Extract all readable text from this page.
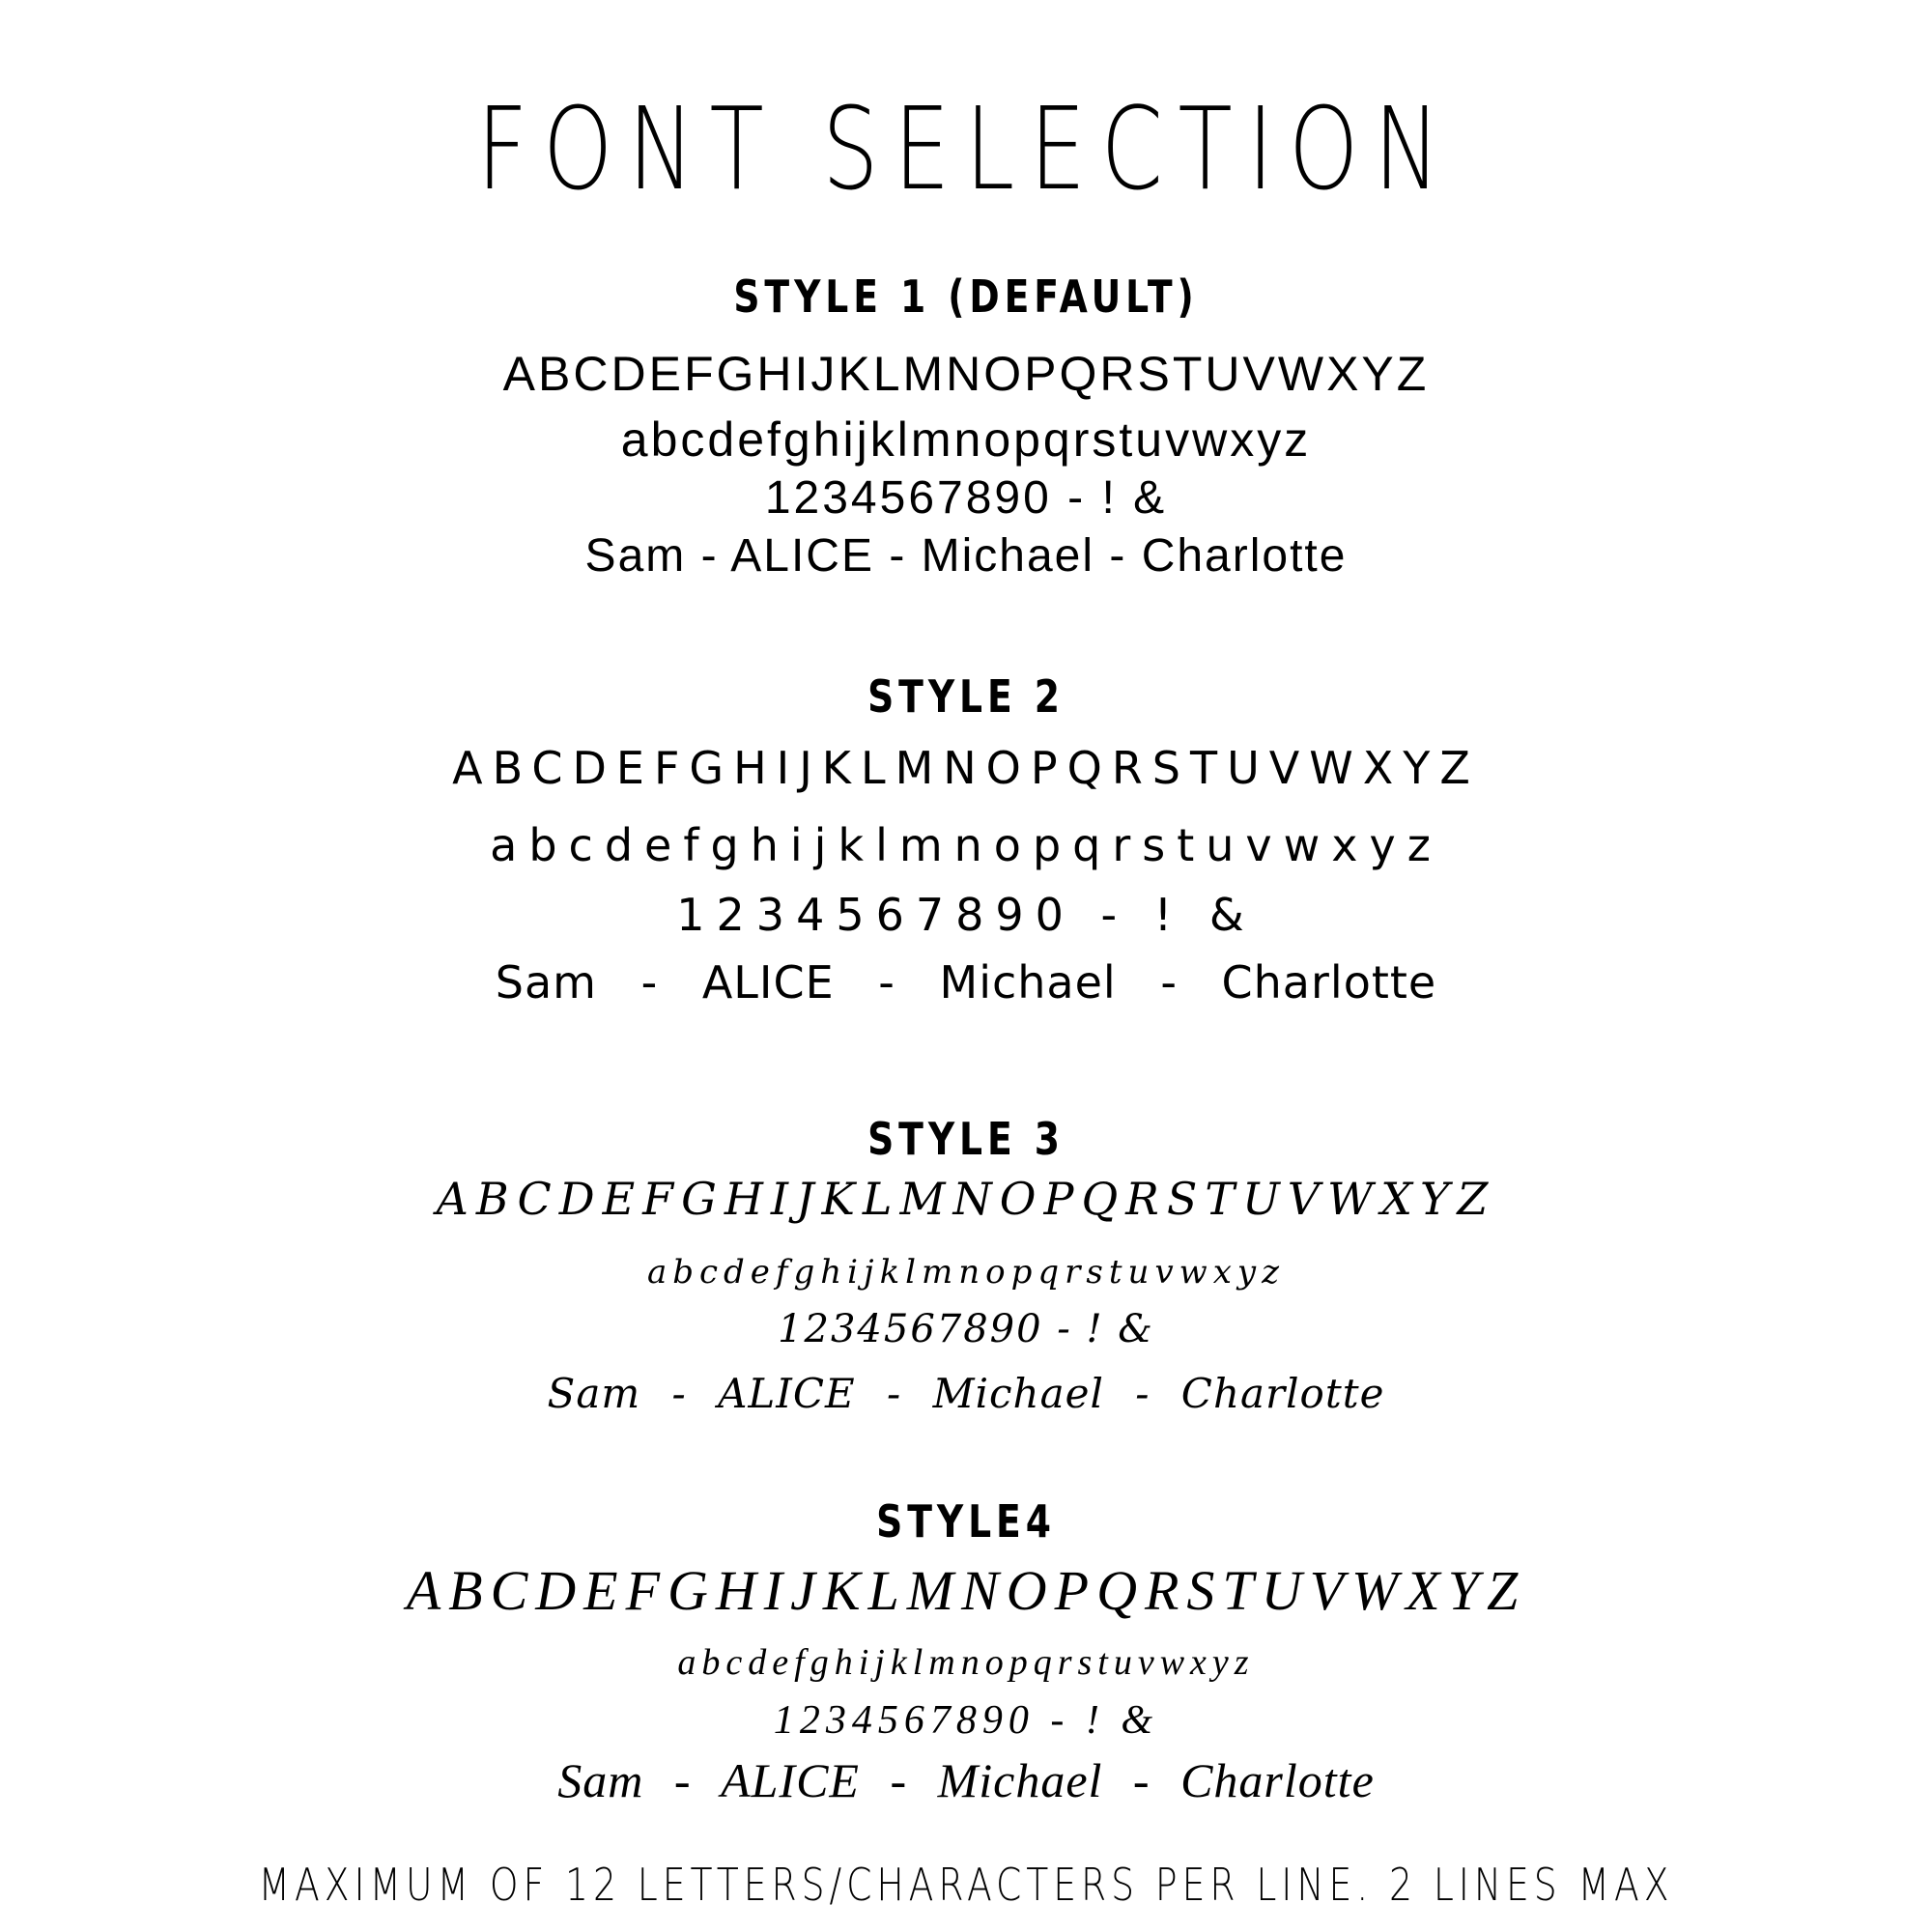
FONT SELECTION
STYLE 1 (DEFAULT)
ABCDEFGHIJKLMNOPQRSTUVWXYZ
abcdefghijklmnopqrstuvwxyz
1234567890 - ! &
Sam - ALICE - Michael - Charlotte
STYLE 2
ABCDEFGHIJKLMNOPQRSTUVWXYZ
abcdefghijklmnopqrstuvwxyz
1234567890 - ! &
Sam - ALICE - Michael - Charlotte
STYLE 3
ABCDEFGHIJKLMNOPQRSTUVWXYZ
abcdefghijklmnopqrstuvwxyz
1234567890 - ! &
Sam - ALICE - Michael - Charlotte
STYLE4
ABCDEFGHIJKLMNOPQRSTUVWXYZ
abcdefghijklmnopqrstuvwxyz
1234567890 - ! &
Sam - ALICE - Michael - Charlotte
MAXIMUM OF 12 LETTERS/CHARACTERS PER LINE. 2 LINES MAX
